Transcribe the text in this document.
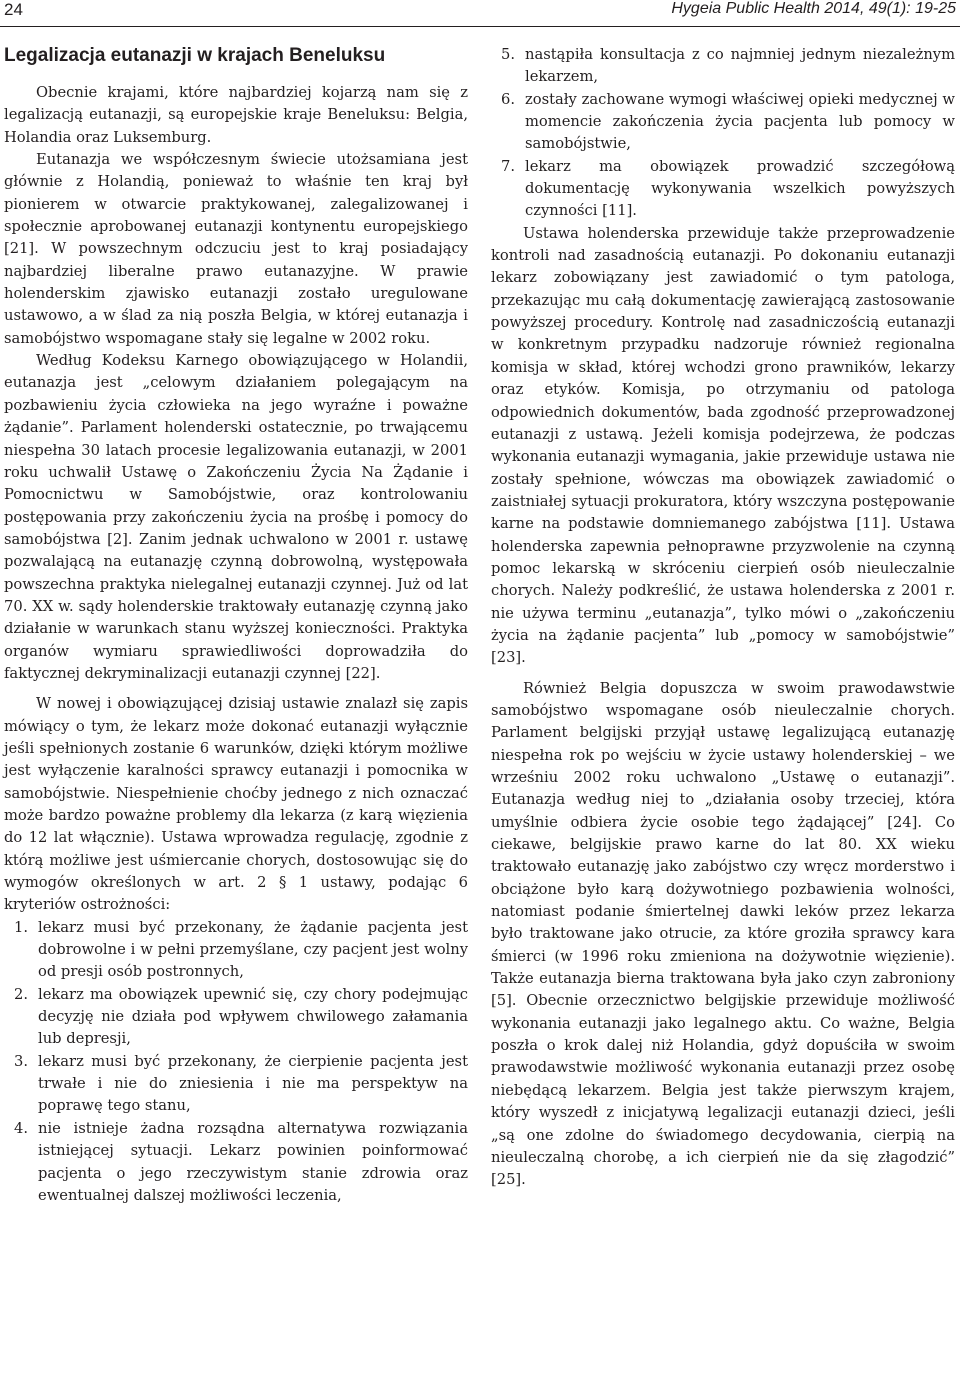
24	Hygeia Public Health 2014, 49(1): 19-25
Legalizacja eutanazji w krajach Beneluksu

Obecnie krajami, które najbardziej kojarzą nam się z legalizacją eutanazji, są europejskie kraje Beneluksu: Belgia, Holandia oraz Luksemburg.

Eutanazja we współczesnym świecie utożsamiana jest głównie z Holandią, ponieważ to właśnie ten kraj był pionierem w otwarcie praktykowanej, zalegalizowanej i społecznie aprobowanej eutanazji kontynentu europejskiego [21]. W powszechnym odczuciu jest to kraj posiadający najbardziej liberalne prawo eutanazyjne. W prawie holenderskim zjawisko eutanazji zostało uregulowane ustawowo, a w ślad za nią poszła Belgia, w której eutanazja i samobójstwo wspomagane stały się legalne w 2002 roku.

Według Kodeksu Karnego obowiązującego w Holandii, eutanazja jest „celowym działaniem polegającym na pozbawieniu życia człowieka na jego wyraźne i poważne żądanie”. Parlament holenderski ostatecznie, po trwającemu niespełna 30 latach procesie legalizowania eutanazji, w 2001 roku uchwalił Ustawę o Zakończeniu Życia Na Żądanie i Pomocnictwu w Samobójstwie, oraz kontrolowaniu postępowania przy zakończeniu życia na prośbę i pomocy do samobójstwa [2]. Zanim jednak uchwalono w 2001 r. ustawę pozwalającą na eutanazję czynną dobrowolną, występowała powszechna praktyka nielegalnej eutanazji czynnej. Już od lat 70. XX w. sądy holenderskie traktowały eutanazję czynną jako działanie w warunkach stanu wyższej konieczności. Praktyka organów wymiaru sprawiedliwości doprowadziła do faktycznej dekryminalizacji eutanazji czynnej [22].

W nowej i obowiązującej dzisiaj ustawie znalazł się zapis mówiący o tym, że lekarz może dokonać eutanazji wyłącznie jeśli spełnionych zostanie 6 warunków, dzięki którym możliwe jest wyłączenie karalności sprawcy eutanazji i pomocnika w samobójstwie. Niespełnienie choćby jednego z nich oznaczać może bardzo poważne problemy dla lekarza (z karą więzienia do 12 lat włącznie). Ustawa wprowadza regulację, zgodnie z którą możliwe jest uśmiercanie chorych, dostosowując się do wymogów określonych w art. 2 § 1 ustawy, podając 6 kryteriów ostrożności:

1. lekarz musi być przekonany, że żądanie pacjenta jest dobrowolne i w pełni przemyślane, czy pacjent jest wolny od presji osób postronnych,
2. lekarz ma obowiązek upewnić się, czy chory podejmując decyzję nie działa pod wpływem chwilowego załamania lub depresji,
3. lekarz musi być przekonany, że cierpienie pacjenta jest trwałe i nie do zniesienia i nie ma perspektyw na poprawę tego stanu,
4. nie istnieje żadna rozsądna alternatywa rozwiązania istniejącej sytuacji. Lekarz powinien poinformować pacjenta o jego rzeczywistym stanie zdrowia oraz ewentualnej dalszej możliwości leczenia,
5. nastąpiła konsultacja z co najmniej jednym niezależnym lekarzem,
6. zostały zachowane wymogi właściwej opieki medycznej w momencie zakończenia życia pacjenta lub pomocy w samobójstwie,
7. lekarz ma obowiązek prowadzić szczegółową dokumentację wykonywania wszelkich powyższych czynności [11].

Ustawa holenderska przewiduje także przeprowadzenie kontroli nad zasadnością eutanazji. Po dokonaniu eutanazji lekarz zobowiązany jest zawiadomić o tym patologa, przekazując mu całą dokumentację zawierającą zastosowanie powyższej procedury. Kontrolę nad zasadniczością eutanazji w konkretnym przypadku nadzoruje również regionalna komisja w skład, której wchodzi grono prawników, lekarzy oraz etyków. Komisja, po otrzymaniu od patologa odpowiednich dokumentów, bada zgodność przeprowadzonej eutanazji z ustawą. Jeżeli komisja podejrzewa, że podczas wykonania eutanazji wymagania, jakie przewiduje ustawa nie zostały spełnione, wówczas ma obowiązek zawiadomić o zaistniałej sytuacji prokuratora, który wszczyna postępowanie karne na podstawie domniemanego zabójstwa [11]. Ustawa holenderska zapewnia pełnoprawne przyzwolenie na czynną pomoc lekarską w skróceniu cierpień osób nieuleczalnie chorych. Należy podkreślić, że ustawa holenderska z 2001 r. nie używa terminu „eutanazja”, tylko mówi o „zakończeniu życia na żądanie pacjenta” lub „pomocy w samobójstwie” [23].

Również Belgia dopuszcza w swoim prawodawstwie samobójstwo wspomagane osób nieuleczalnie chorych. Parlament belgijski przyjął ustawę legalizującą eutanazję niespełna rok po wejściu w życie ustawy holenderskiej – we wrześniu 2002 roku uchwalono „Ustawę o eutanazji”. Eutanazja według niej to „działania osoby trzeciej, która umyślnie odbiera życie osobie tego żądającej” [24]. Co ciekawe, belgijskie prawo karne do lat 80. XX wieku traktowało eutanazję jako zabójstwo czy wręcz morderstwo i obciążone było karą dożywotniego pozbawienia wolności, natomiast podanie śmiertelnej dawki leków przez lekarza było traktowane jako otrucie, za które groziła sprawcy kara śmierci (w 1996 roku zmieniona na dożywotnie więzienie). Także eutanazja bierna traktowana była jako czyn zabroniony [5]. Obecnie orzecznictwo belgijskie przewiduje możliwość wykonania eutanazji jako legalnego aktu. Co ważne, Belgia poszła o krok dalej niż Holandia, gdyż dopuściła w swoim prawodawstwie możliwość wykonania eutanazji przez osobę niebędącą lekarzem. Belgia jest także pierwszym krajem, który wyszedł z inicjatywą legalizacji eutanazji dzieci, jeśli „są one zdolne do świadomego decydowania, cierpią na nieuleczalną chorobę, a ich cierpień nie da się złagodzić” [25].
